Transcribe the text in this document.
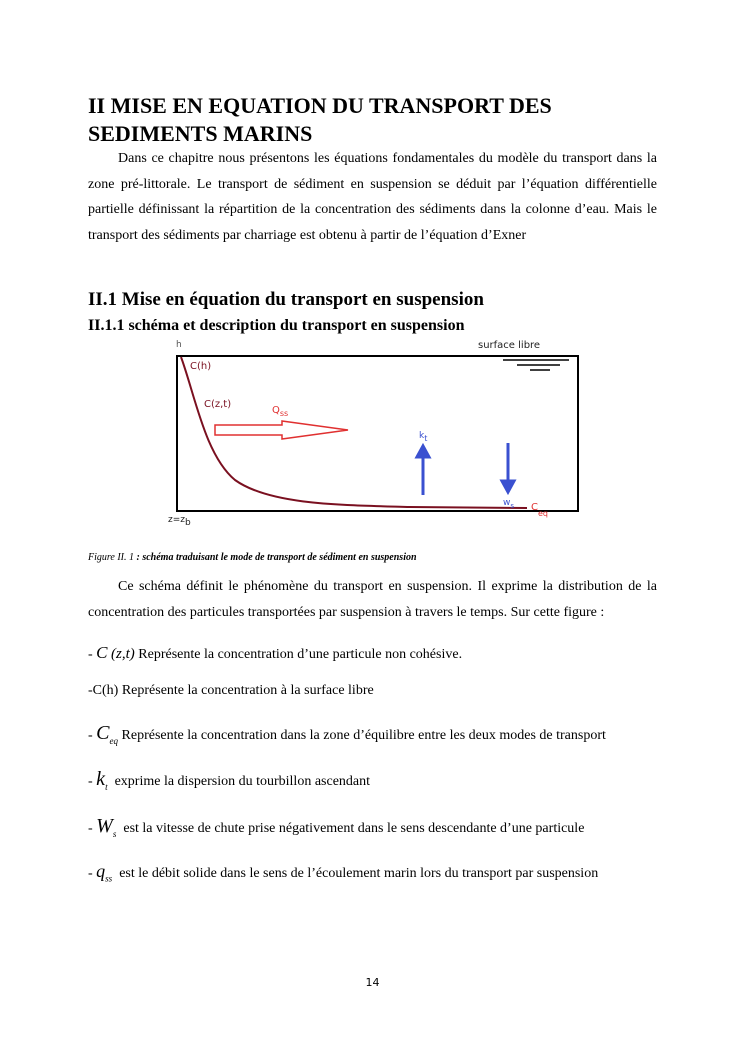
II MISE EN EQUATION DU TRANSPORT DES SEDIMENTS MARINS

Dans ce chapitre nous présentons les équations fondamentales du modèle du transport dans la zone pré-littorale. Le transport de sédiment en suspension se déduit par l’équation différentielle partielle définissant la répartition de la concentration des sédiments dans la colonne d’eau. Mais le transport des sédiments par charriage est obtenu à partir de l’équation d’Exner

II.1 Mise en équation du transport en suspension
II.1.1 schéma et description du transport en suspension
h	surface libre
C(h)
C(z,t)
$Q_{ss}$
kt
$w_s$ $C_{eq}$
z=zb
Figure II. 1 : schéma traduisant le mode de transport de sédiment en suspension

Ce schéma définit le phénomène du transport en suspension. Il exprime la distribution de la concentration des particules transportées par suspension à travers le temps. Sur cette figure :

- C (z,t) Représente la concentration d’une particule non cohésive.
-C(h) Représente la concentration à la surface libre
- $C_{eq}$ Représente la concentration dans la zone d’équilibre entre les deux modes de transport
- $k_t$ exprime la dispersion du tourbillon ascendant
- $W_s$ est la vitesse de chute prise négativement dans le sens descendante d’une particule
- $q_{ss}$ est le débit solide dans le sens de l’écoulement marin lors du transport par suspension
14
